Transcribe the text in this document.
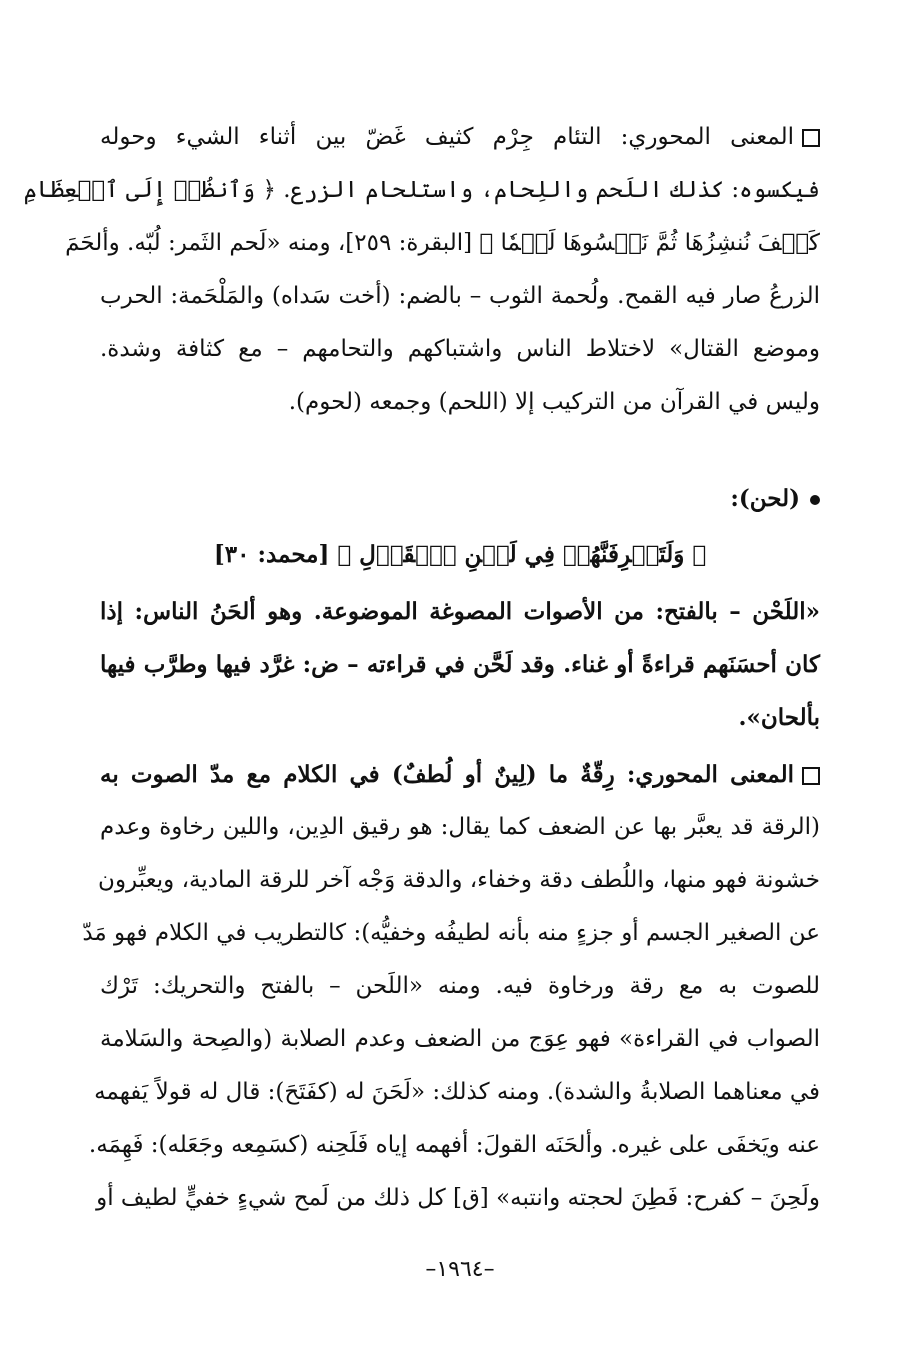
المعنى المحوري: التئام جِرْم كثيف غَضّ بين أثناء الشيء وحوله
فيكسوه: كذلك اللَحم واللِحام، واستلحام الزرع. ﴿ وَٱنظُرۡ إِلَى ٱلۡعِظَامِ
كَيۡفَ نُنشِزُهَا ثُمَّ نَكۡسُوهَا لَحۡمٗا ﴾ [البقرة: ٢٥٩]، ومنه «لَحم الثَمر: لُبّه. وألحَمَ
الزرعُ صار فيه القمح. ولُحمة الثوب – بالضم: (أخت سَداه) والمَلْحَمة: الحرب
وموضع القتال» لاختلاط الناس واشتباكهم والتحامهم – مع كثافة وشدة.
وليس في القرآن من التركيب إلا (اللحم) وجمعه (لحوم).
(لحن):
﴿ وَلَتَعۡرِفَنَّهُمۡ فِي لَحۡنِ ٱلۡقَوۡلِ ﴾ [محمد: ٣٠]
«اللَحْن – بالفتح: من الأصوات المصوغة الموضوعة. وهو ألحَنُ الناس: إذا
كان أحسَنَهم قراءةً أو غناء. وقد لَحَّن في قراءته – ض: غرَّد فيها وطرَّب فيها
بألحان».
المعنى المحوري: رِقّةٌ ما (لِينٌ أو لُطفٌ) في الكلام مع مدّ الصوت به
(الرقة قد يعبَّر بها عن الضعف كما يقال: هو رقيق الدِين، واللين رخاوة وعدم
خشونة فهو منها، واللُطف دقة وخفاء، والدقة وَجْه آخر للرقة المادية، ويعبِّرون
عن الصغير الجسم أو جزءٍ منه بأنه لطيفُه وخفيُّه): كالتطريب في الكلام فهو مَدّ
للصوت به مع رقة ورخاوة فيه. ومنه «اللَحن – بالفتح والتحريك: تَرْك
الصواب في القراءة» فهو عِوَج من الضعف وعدم الصلابة (والصِحة والسَلامة
في معناهما الصلابةُ والشدة). ومنه كذلك: «لَحَنَ له (كفَتَحَ): قال له قولاً يَفهمه
عنه ويَخفَى على غيره. وألحَنَه القولَ: أفهمه إياه فَلَحِنه (كسَمِعه وجَعَله): فَهِمَه.
ولَحِنَ – كفرح: فَطِنَ لحجته وانتبه» [ق] كل ذلك من لَمح شيءٍ خفيٍّ لطيف أو
–١٩٦٤–
